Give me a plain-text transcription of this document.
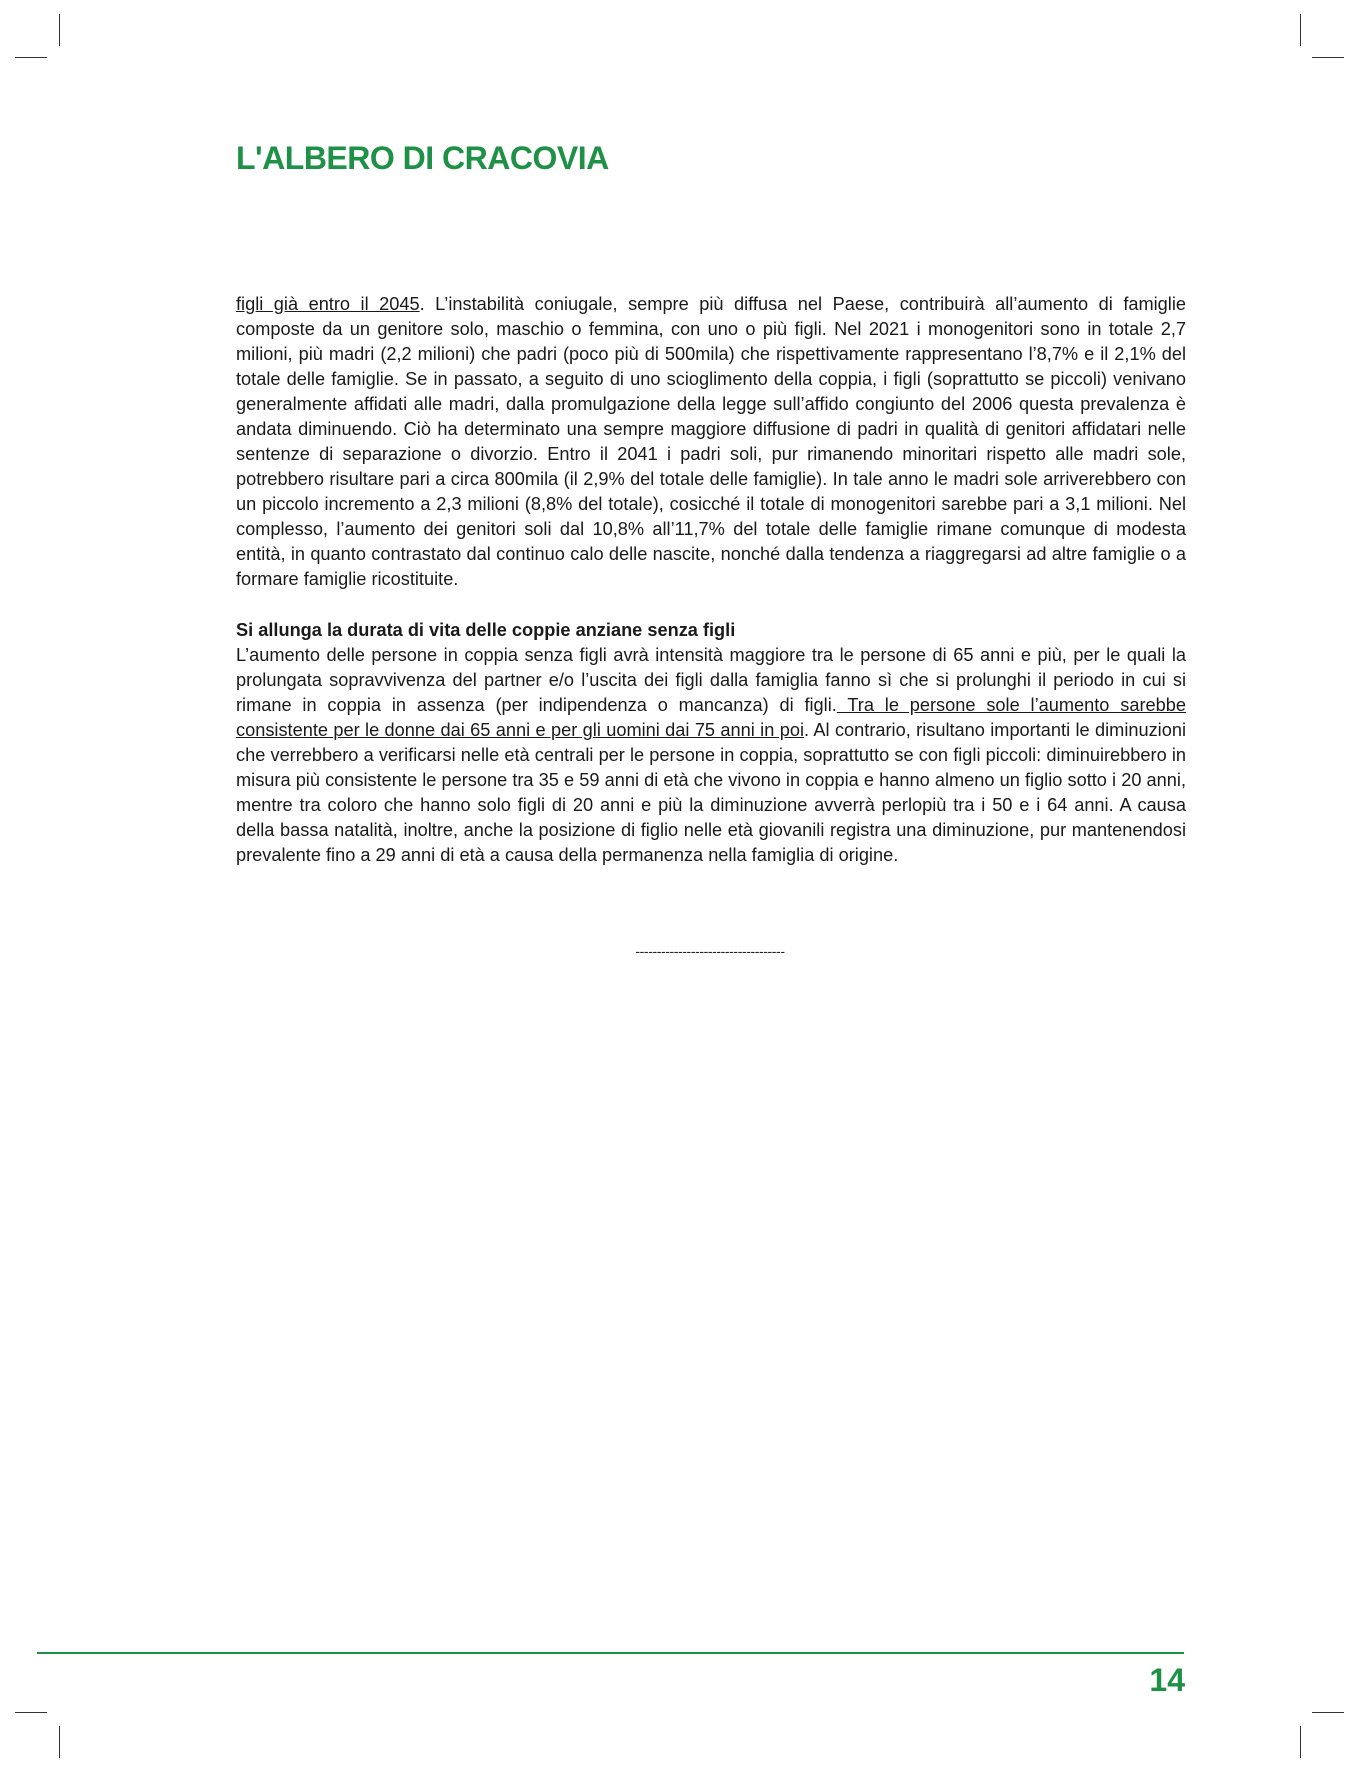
L'ALBERO DI CRACOVIA

figli già entro il 2045. L’instabilità coniugale, sempre più diffusa nel Paese, contribuirà all’aumento di famiglie composte da un genitore solo, maschio o femmina, con uno o più figli. Nel 2021 i monogenitori sono in totale 2,7 milioni, più madri (2,2 milioni) che padri (poco più di 500mila) che rispettivamente rappresentano l’8,7% e il 2,1% del totale delle famiglie. Se in passato, a seguito di uno scioglimento della coppia, i figli (soprattutto se piccoli) venivano generalmente affidati alle madri, dalla promulgazione della legge sull’affido congiunto del 2006 questa prevalenza è andata diminuendo. Ciò ha determinato una sempre maggiore diffusione di padri in qualità di genitori affidatari nelle sentenze di separazione o divorzio. Entro il 2041 i padri soli, pur rimanendo minoritari rispetto alle madri sole, potrebbero risultare pari a circa 800mila (il 2,9% del totale delle famiglie). In tale anno le madri sole arriverebbero con un piccolo incremento a 2,3 milioni (8,8% del totale), cosicché il totale di monogenitori sarebbe pari a 3,1 milioni. Nel complesso, l’aumento dei genitori soli dal 10,8% all’11,7% del totale delle famiglie rimane comunque di modesta entità, in quanto contrastato dal continuo calo delle nascite, nonché dalla tendenza a riaggregarsi ad altre famiglie o a formare famiglie ricostituite.

Si allunga la durata di vita delle coppie anziane senza figli

L’aumento delle persone in coppia senza figli avrà intensità maggiore tra le persone di 65 anni e più, per le quali la prolungata sopravvivenza del partner e/o l’uscita dei figli dalla famiglia fanno sì che si prolunghi il periodo in cui si rimane in coppia in assenza (per indipendenza o mancanza) di figli. Tra le persone sole l’aumento sarebbe consistente per le donne dai 65 anni e per gli uomini dai 75 anni in poi. Al contrario, risultano importanti le diminuzioni che verrebbero a verificarsi nelle età centrali per le persone in coppia, soprattutto se con figli piccoli: diminuirebbero in misura più consistente le persone tra 35 e 59 anni di età che vivono in coppia e hanno almeno un figlio sotto i 20 anni, mentre tra coloro che hanno solo figli di 20 anni e più la diminuzione avverrà perlopiù tra i 50 e i 64 anni. A causa della bassa natalità, inoltre, anche la posizione di figlio nelle età giovanili registra una diminuzione, pur mantenendosi prevalente fino a 29 anni di età a causa della permanenza nella famiglia di origine.

-----------------------------------
14
